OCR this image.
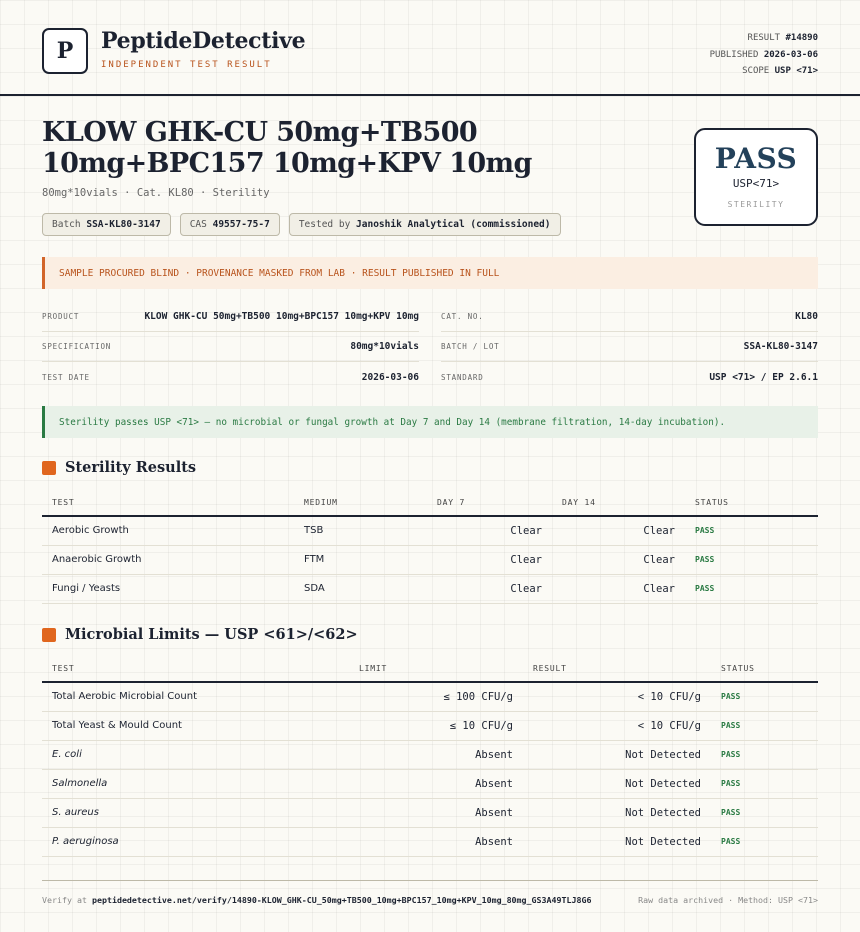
P	PeptideDetective
INDEPENDENT TEST RESULT
RESULT #14890
PUBLISHED 2026-03-06
SCOPE USP <71>
KLOW GHK-CU 50mg+TB500 10mg+BPC157 10mg+KPV 10mg
80mg*10vials · Cat. KL80 · Sterility
Batch SSA-KL80-3147	CAS 49557-75-7	Tested by Janoshik Analytical (commissioned)
PASS
USP<71>
STERILITY
SAMPLE PROCURED BLIND · PROVENANCE MASKED FROM LAB · RESULT PUBLISHED IN FULL
PRODUCT	KLOW GHK-CU 50mg+TB500 10mg+BPC157 10mg+KPV 10mg
SPECIFICATION	80mg*10vials
TEST DATE	2026-03-06
CAT. NO.	KL80
BATCH / LOT	SSA-KL80-3147
STANDARD	USP <71> / EP 2.6.1
Sterility passes USP <71> — no microbial or fungal growth at Day 7 and Day 14 (membrane filtration, 14-day incubation).
Sterility Results
TEST	MEDIUM	DAY 7	DAY 14	STATUS
Aerobic Growth	TSB	Clear	Clear	PASS
Anaerobic Growth	FTM	Clear	Clear	PASS
Fungi / Yeasts	SDA	Clear	Clear	PASS
Microbial Limits — USP <61>/<62>
TEST	LIMIT	RESULT	STATUS
Total Aerobic Microbial Count	≤ 100 CFU/g	< 10 CFU/g	PASS
Total Yeast & Mould Count	≤ 10 CFU/g	< 10 CFU/g	PASS
E. coli	Absent	Not Detected	PASS
Salmonella	Absent	Not Detected	PASS
S. aureus	Absent	Not Detected	PASS
P. aeruginosa	Absent	Not Detected	PASS
Verify at peptidedetective.net/verify/14890-KLOW_GHK-CU_50mg+TB500_10mg+BPC157_10mg+KPV_10mg_80mg_GS3A49TLJ8G6	Raw data archived · Method: USP <71>
